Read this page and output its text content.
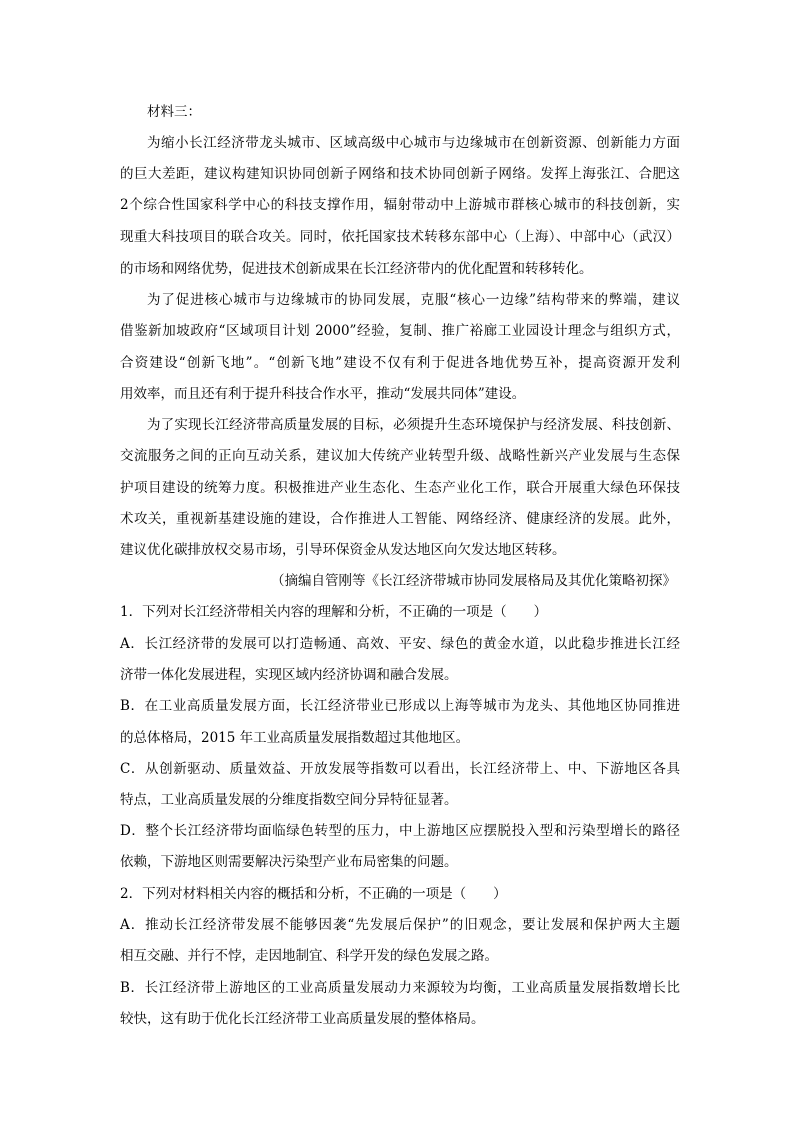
材料三：
为缩小长江经济带龙头城市、区域高级中心城市与边缘城市在创新资源、创新能力方面
的巨大差距，建议构建知识协同创新子网络和技术协同创新子网络。发挥上海张江、合肥这
2个综合性国家科学中心的科技支撑作用，辐射带动中上游城市群核心城市的科技创新，实
现重大科技项目的联合攻关。同时，依托国家技术转移东部中心（上海）、中部中心（武汉）
的市场和网络优势，促进技术创新成果在长江经济带内的优化配置和转移转化。
为了促进核心城市与边缘城市的协同发展，克服“核心一边缘”结构带来的弊端，建议
借鉴新加坡政府“区域项目计划 2000”经验，复制、推广裕廊工业园设计理念与组织方式，
合资建设“创新飞地”。“创新飞地”建设不仅有利于促进各地优势互补，提高资源开发利
用效率，而且还有利于提升科技合作水平，推动“发展共同体”建设。
为了实现长江经济带高质量发展的目标，必须提升生态环境保护与经济发展、科技创新、
交流服务之间的正向互动关系，建议加大传统产业转型升级、战略性新兴产业发展与生态保
护项目建设的统筹力度。积极推进产业生态化、生态产业化工作，联合开展重大绿色环保技
术攻关，重视新基建设施的建设，合作推进人工智能、网络经济、健康经济的发展。此外，
建议优化碳排放权交易市场，引导环保资金从发达地区向欠发达地区转移。
（摘编自管刚等《长江经济带城市协同发展格局及其优化策略初探》
1．下列对长江经济带相关内容的理解和分析，不正确的一项是（　　）
A．长江经济带的发展可以打造畅通、高效、平安、绿色的黄金水道，以此稳步推进长江经
济带一体化发展进程，实现区域内经济协调和融合发展。
B．在工业高质量发展方面，长江经济带业已形成以上海等城市为龙头、其他地区协同推进
的总体格局，2015 年工业高质量发展指数超过其他地区。
C．从创新驱动、质量效益、开放发展等指数可以看出，长江经济带上、中、下游地区各具
特点，工业高质量发展的分维度指数空间分异特征显著。
D．整个长江经济带均面临绿色转型的压力，中上游地区应摆脱投入型和污染型增长的路径
依赖，下游地区则需要解决污染型产业布局密集的问题。
2．下列对材料相关内容的概括和分析，不正确的一项是（　　）
A．推动长江经济带发展不能够因袭“先发展后保护”的旧观念，要让发展和保护两大主题
相互交融、并行不悖，走因地制宜、科学开发的绿色发展之路。
B．长江经济带上游地区的工业高质量发展动力来源较为均衡，工业高质量发展指数增长比
较快，这有助于优化长江经济带工业高质量发展的整体格局。
